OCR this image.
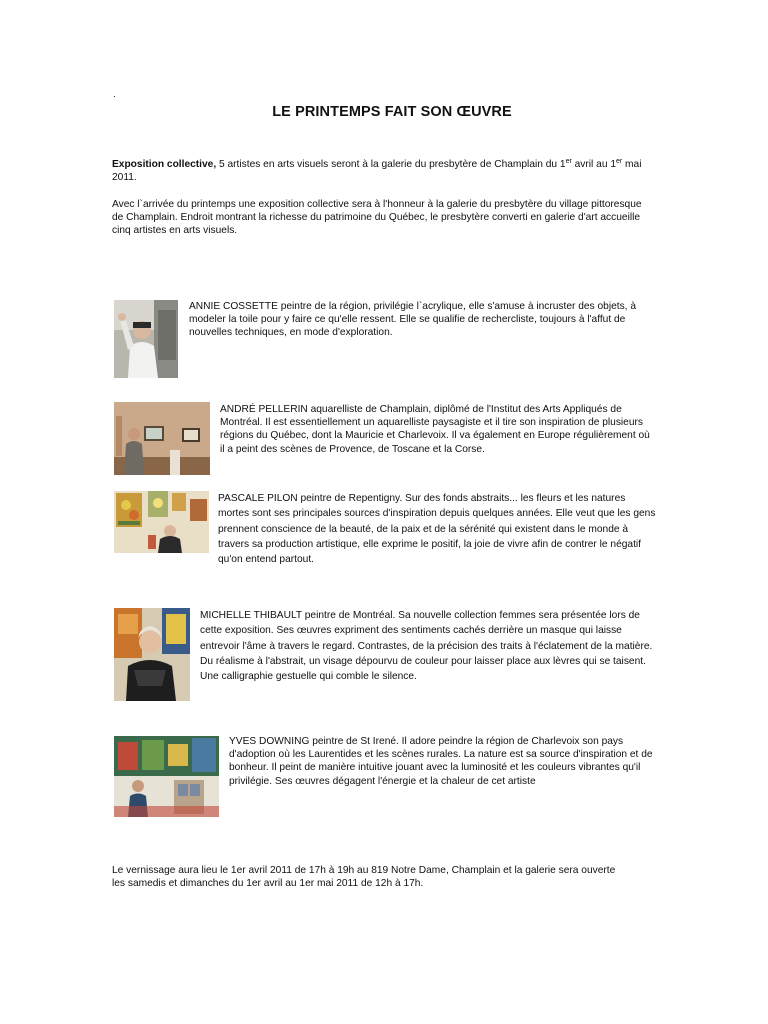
.
LE PRINTEMPS FAIT SON ŒUVRE
Exposition collective, 5 artistes en arts visuels seront à la galerie du presbytère de Champlain du 1er avril au 1er mai 2011.
Avec l`arrivée du printemps une exposition collective sera à l'honneur à la galerie du presbytère du village pittoresque de Champlain. Endroit montrant la richesse du patrimoine du Québec, le presbytère converti en galerie d'art accueille cinq artistes en arts visuels.
ANNIE COSSETTE peintre de la région, privilégie l`acrylique, elle s'amuse à incruster des objets, à modeler la toile pour y faire ce qu'elle ressent. Elle se qualifie de rechercliste, toujours à l'affut de nouvelles techniques, en mode d'exploration.
ANDRÉ PELLERIN aquarelliste de Champlain, diplômé de l'Institut des Arts Appliqués de Montréal. Il est essentiellement un aquarelliste paysagiste et il tire son inspiration de plusieurs régions du Québec, dont la Mauricie et Charlevoix. Il va également en Europe régulièrement où il a peint des scènes de Provence, de Toscane et la Corse.
PASCALE PILON peintre de Repentigny. Sur des fonds abstraits... les fleurs et les natures mortes sont ses principales sources d'inspiration depuis quelques années. Elle veut que les gens prennent conscience de la beauté, de la paix et de la sérénité qui existent dans le monde à travers sa production artistique, elle exprime le positif, la joie de vivre afin de contrer le négatif qu'on entend partout.
MICHELLE THIBAULT peintre de Montréal. Sa nouvelle collection femmes sera présentée lors de cette exposition. Ses œuvres expriment des sentiments cachés derrière un masque qui laisse entrevoir l'âme à travers le regard. Contrastes, de la précision des traits à l'éclatement de la matière. Du réalisme à l'abstrait, un visage dépourvu de couleur pour laisser place aux lèvres qui se taisent. Une calligraphie gestuelle qui comble le silence.
YVES DOWNING peintre de St Irené. Il adore peindre la région de Charlevoix son pays d'adoption où les Laurentides et les scènes rurales. La nature est sa source d'inspiration et de bonheur. Il peint de manière intuitive jouant avec la luminosité et les couleurs vibrantes qu'il privilégie. Ses œuvres dégagent l'énergie et la chaleur de cet artiste
Le vernissage aura lieu le 1er avril 2011 de 17h à 19h au 819 Notre Dame, Champlain et la galerie sera ouverte les samedis et dimanches du 1er avril au 1er mai 2011 de 12h à 17h.
